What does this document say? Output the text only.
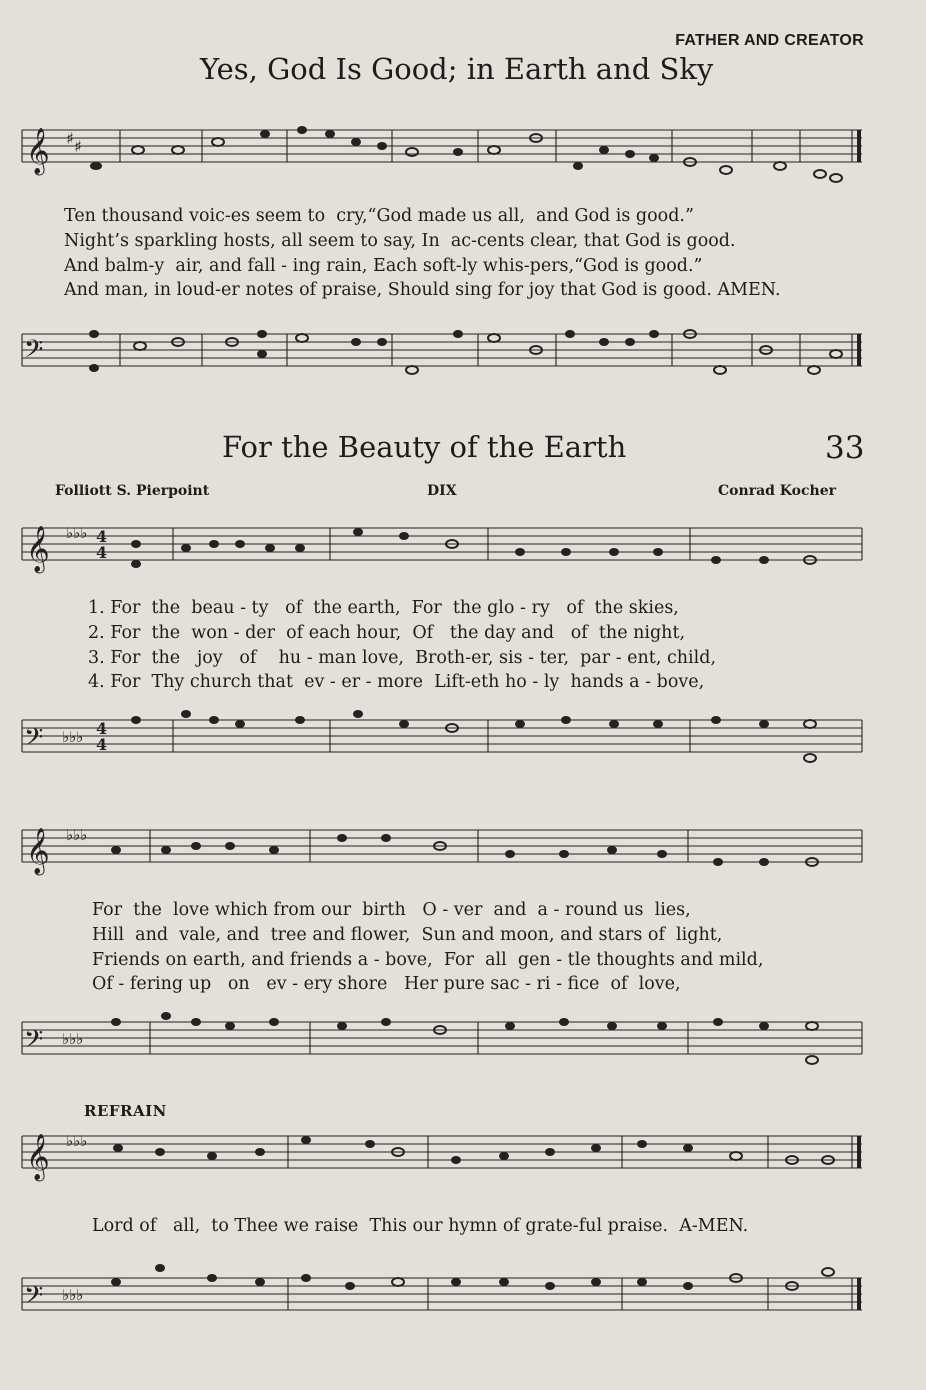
FATHER AND CREATOR
Yes, God Is Good; in Earth and Sky
𝄞 ♯ ♯
Ten thousand voic-es seem to  cry,“God made us all,  and God is good.”
Night’s sparkling hosts, all seem to say, In  ac-cents clear, that God is good.
And balm-y  air, and fall - ing rain, Each soft-ly whis-pers,“God is good.”
And man, in loud-er notes of praise, Should sing for joy that God is good. AMEN.
𝄢
For the Beauty of the Earth	33
Folliott S. Pierpoint	DIX	Conrad Kocher
𝄞 ♭♭♭ 4
4
1. For  the  beau - ty   of  the earth,  For  the glo - ry   of  the skies,
2. For  the  won - der  of each hour,  Of   the day and   of  the night,
3. For  the   joy   of    hu - man love,  Broth-er, sis - ter,  par - ent, child,
4. For  Thy church that  ev - er - more  Lift-eth ho - ly  hands a - bove,
𝄢 ♭♭♭ 4
4
𝄞 ♭♭♭
For  the  love which from our  birth   O - ver  and  a - round us  lies,
Hill  and  vale, and  tree and flower,  Sun and moon, and stars of  light,
Friends on earth, and friends a - bove,  For  all  gen - tle thoughts and mild,
Of - fering up   on   ev - ery shore   Her pure sac - ri - fice  of  love,
𝄢 ♭♭♭
REFRAIN
𝄞 ♭♭♭
Lord of   all,  to Thee we raise  This our hymn of grate-ful praise.  A-MEN.
𝄢 ♭♭♭
